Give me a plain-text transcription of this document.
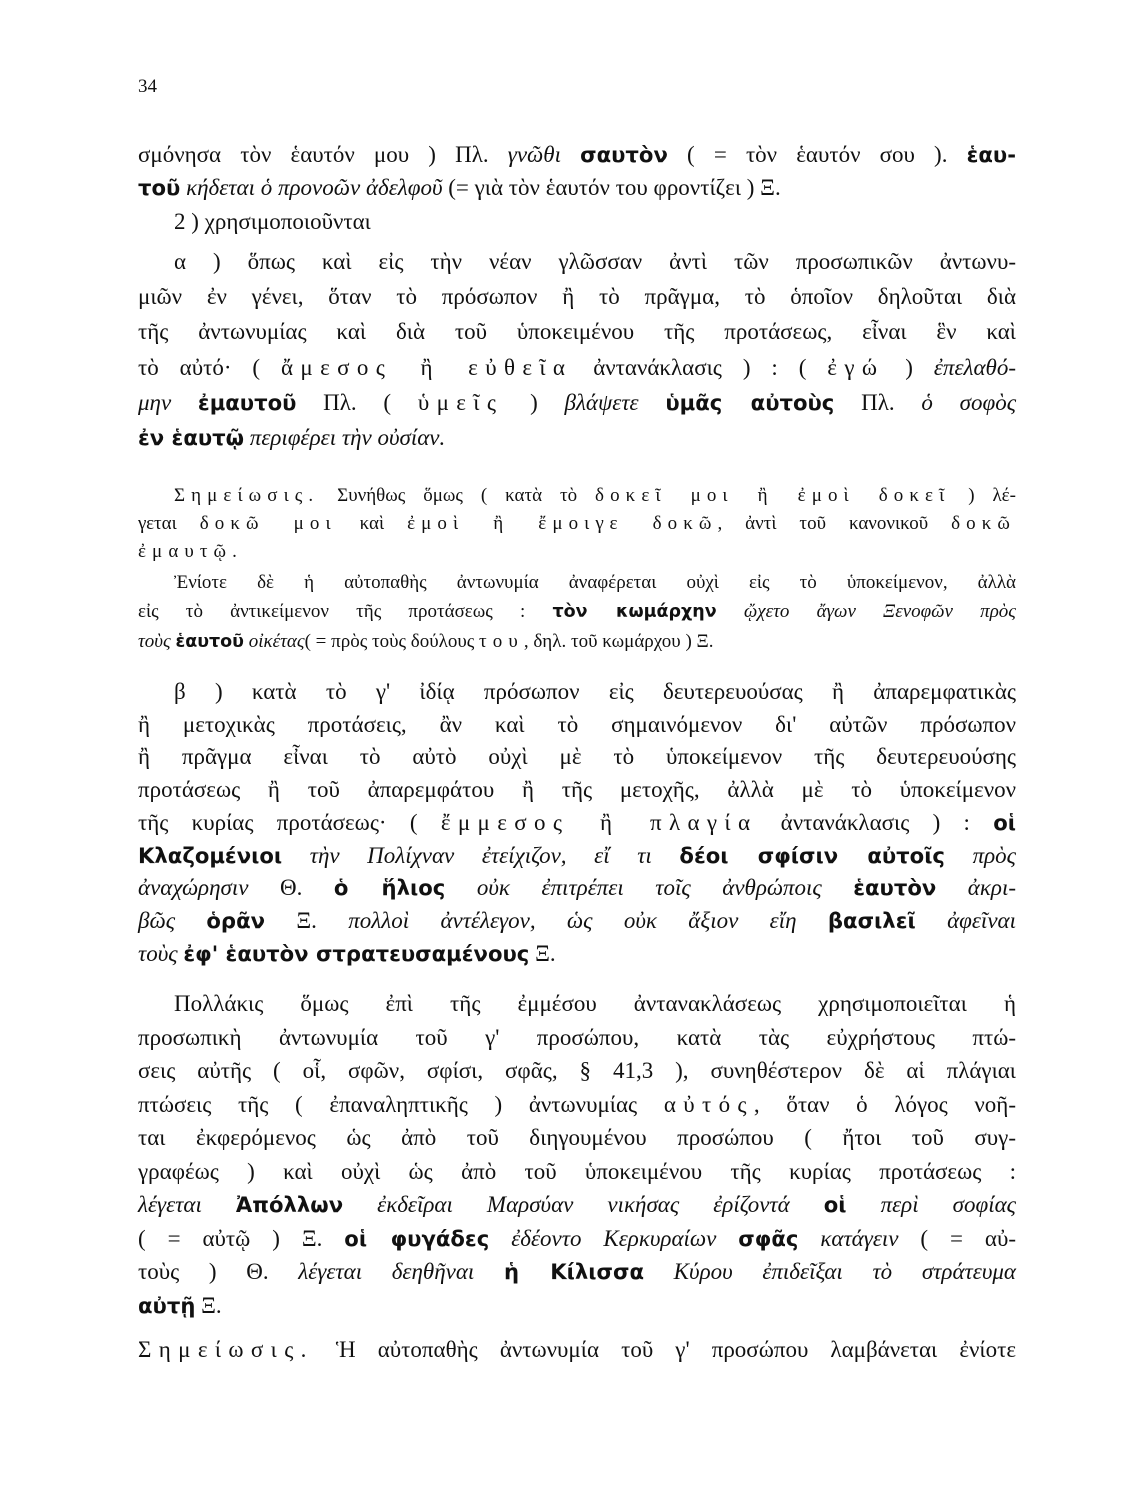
34
σμόνησα τὸν ἑαυτόν μου ) Πλ. γνῶθι σαυτὸν ( = τὸν ἑαυτόν σου ). ἑαυ-
τοῦ κήδεται ὁ προνοῶν ἀδελφοῦ (= γιὰ τὸν ἑαυτόν του φροντίζει ) Ξ.
2 ) χρησιμοποιοῦνται
α ) ὅπως καὶ εἰς τὴν νέαν γλῶσσαν ἀντὶ τῶν προσωπικῶν ἀντωνυ-
μιῶν ἐν γένει, ὅταν τὸ πρόσωπον ἢ τὸ πρᾶγμα, τὸ ὁποῖον δηλοῦται διὰ
τῆς ἀντωνυμίας καὶ διὰ τοῦ ὑποκειμένου τῆς προτάσεως, εἶναι ἓν καὶ
τὸ αὐτό· ( ἄμεσος ἢ εὐθεῖα ἀντανάκλασις ) : ( ἐγώ ) ἐπελαθό-
μην ἐμαυτοῦ Πλ. ( ὑμεῖς ) βλάψετε ὑμᾶς αὐτοὺς Πλ. ὁ σοφὸς
ἐν ἑαυτῷ περιφέρει τὴν οὐσίαν.
Σημείωσις. Συνήθως ὅμως ( κατὰ τὸ δοκεῖ μοι ἢ ἐμοὶ δοκεῖ ) λέ-
γεται δοκῶ μοι καὶ ἐμοὶ ἢ ἔμοιγε δοκῶ, ἀντὶ τοῦ κανονικοῦ δοκῶ
ἐμαυτῷ.
Ἐνίοτε δὲ ἡ αὐτοπαθὴς ἀντωνυμία ἀναφέρεται οὐχὶ εἰς τὸ ὑποκείμενον, ἀλλὰ
εἰς τὸ ἀντικείμενον τῆς προτάσεως : τὸν κωμάρχην ᾤχετο ἄγων Ξενοφῶν πρὸς
τοὺς ἑαυτοῦ οἰκέτας( = πρὸς τοὺς δούλους του, δηλ. τοῦ κωμάρχου ) Ξ.
β ) κατὰ τὸ γ' ἰδίᾳ πρόσωπον εἰς δευτερευούσας ἢ ἀπαρεμφατικὰς
ἢ μετοχικὰς προτάσεις, ἂν καὶ τὸ σημαινόμενον δι' αὐτῶν πρόσωπον
ἢ πρᾶγμα εἶναι τὸ αὐτὸ οὐχὶ μὲ τὸ ὑποκείμενον τῆς δευτερευούσης
προτάσεως ἢ τοῦ ἀπαρεμφάτου ἢ τῆς μετοχῆς, ἀλλὰ μὲ τὸ ὑποκείμενον
τῆς κυρίας προτάσεως· ( ἔμμεσος ἢ πλαγία ἀντανάκλασις ) : οἱ
Κλαζομένιοι τὴν Πολίχναν ἐτείχιζον, εἴ τι δέοι σφίσιν αὐτοῖς πρὸς
ἀναχώρησιν Θ. ὁ ἥλιος οὐκ ἐπιτρέπει τοῖς ἀνθρώποις ἑαυτὸν ἀκρι-
βῶς ὁρᾶν Ξ. πολλοὶ ἀντέλεγον, ὡς οὐκ ἄξιον εἴη βασιλεῖ ἀφεῖναι
τοὺς ἐφ' ἑαυτὸν στρατευσαμένους Ξ.
Πολλάκις ὅμως ἐπὶ τῆς ἐμμέσου ἀντανακλάσεως χρησιμοποιεῖται ἡ
προσωπικὴ ἀντωνυμία τοῦ γ' προσώπου, κατὰ τὰς εὐχρήστους πτώ-
σεις αὐτῆς ( οἷ, σφῶν, σφίσι, σφᾶς, § 41,3 ), συνηθέστερον δὲ αἱ πλάγιαι
πτώσεις τῆς ( ἐπαναληπτικῆς ) ἀντωνυμίας αὐτός, ὅταν ὁ λόγος νοῆ-
ται ἐκφερόμενος ὡς ἀπὸ τοῦ διηγουμένου προσώπου ( ἤτοι τοῦ συγ-
γραφέως ) καὶ οὐχὶ ὡς ἀπὸ τοῦ ὑποκειμένου τῆς κυρίας προτάσεως :
λέγεται Ἀπόλλων ἐκδεῖραι Μαρσύαν νικήσας ἐρίζοντά οἱ περὶ σοφίας
( = αὐτῷ ) Ξ. οἱ φυγάδες ἐδέοντο Κερκυραίων σφᾶς κατάγειν ( = αὐ-
τοὺς ) Θ. λέγεται δεηθῆναι ἡ Κίλισσα Κύρου ἐπιδεῖξαι τὸ στράτευμα
αὐτῇ Ξ.
Σημείωσις. Ἡ αὐτοπαθὴς ἀντωνυμία τοῦ γ' προσώπου λαμβάνεται ἐνίοτε
